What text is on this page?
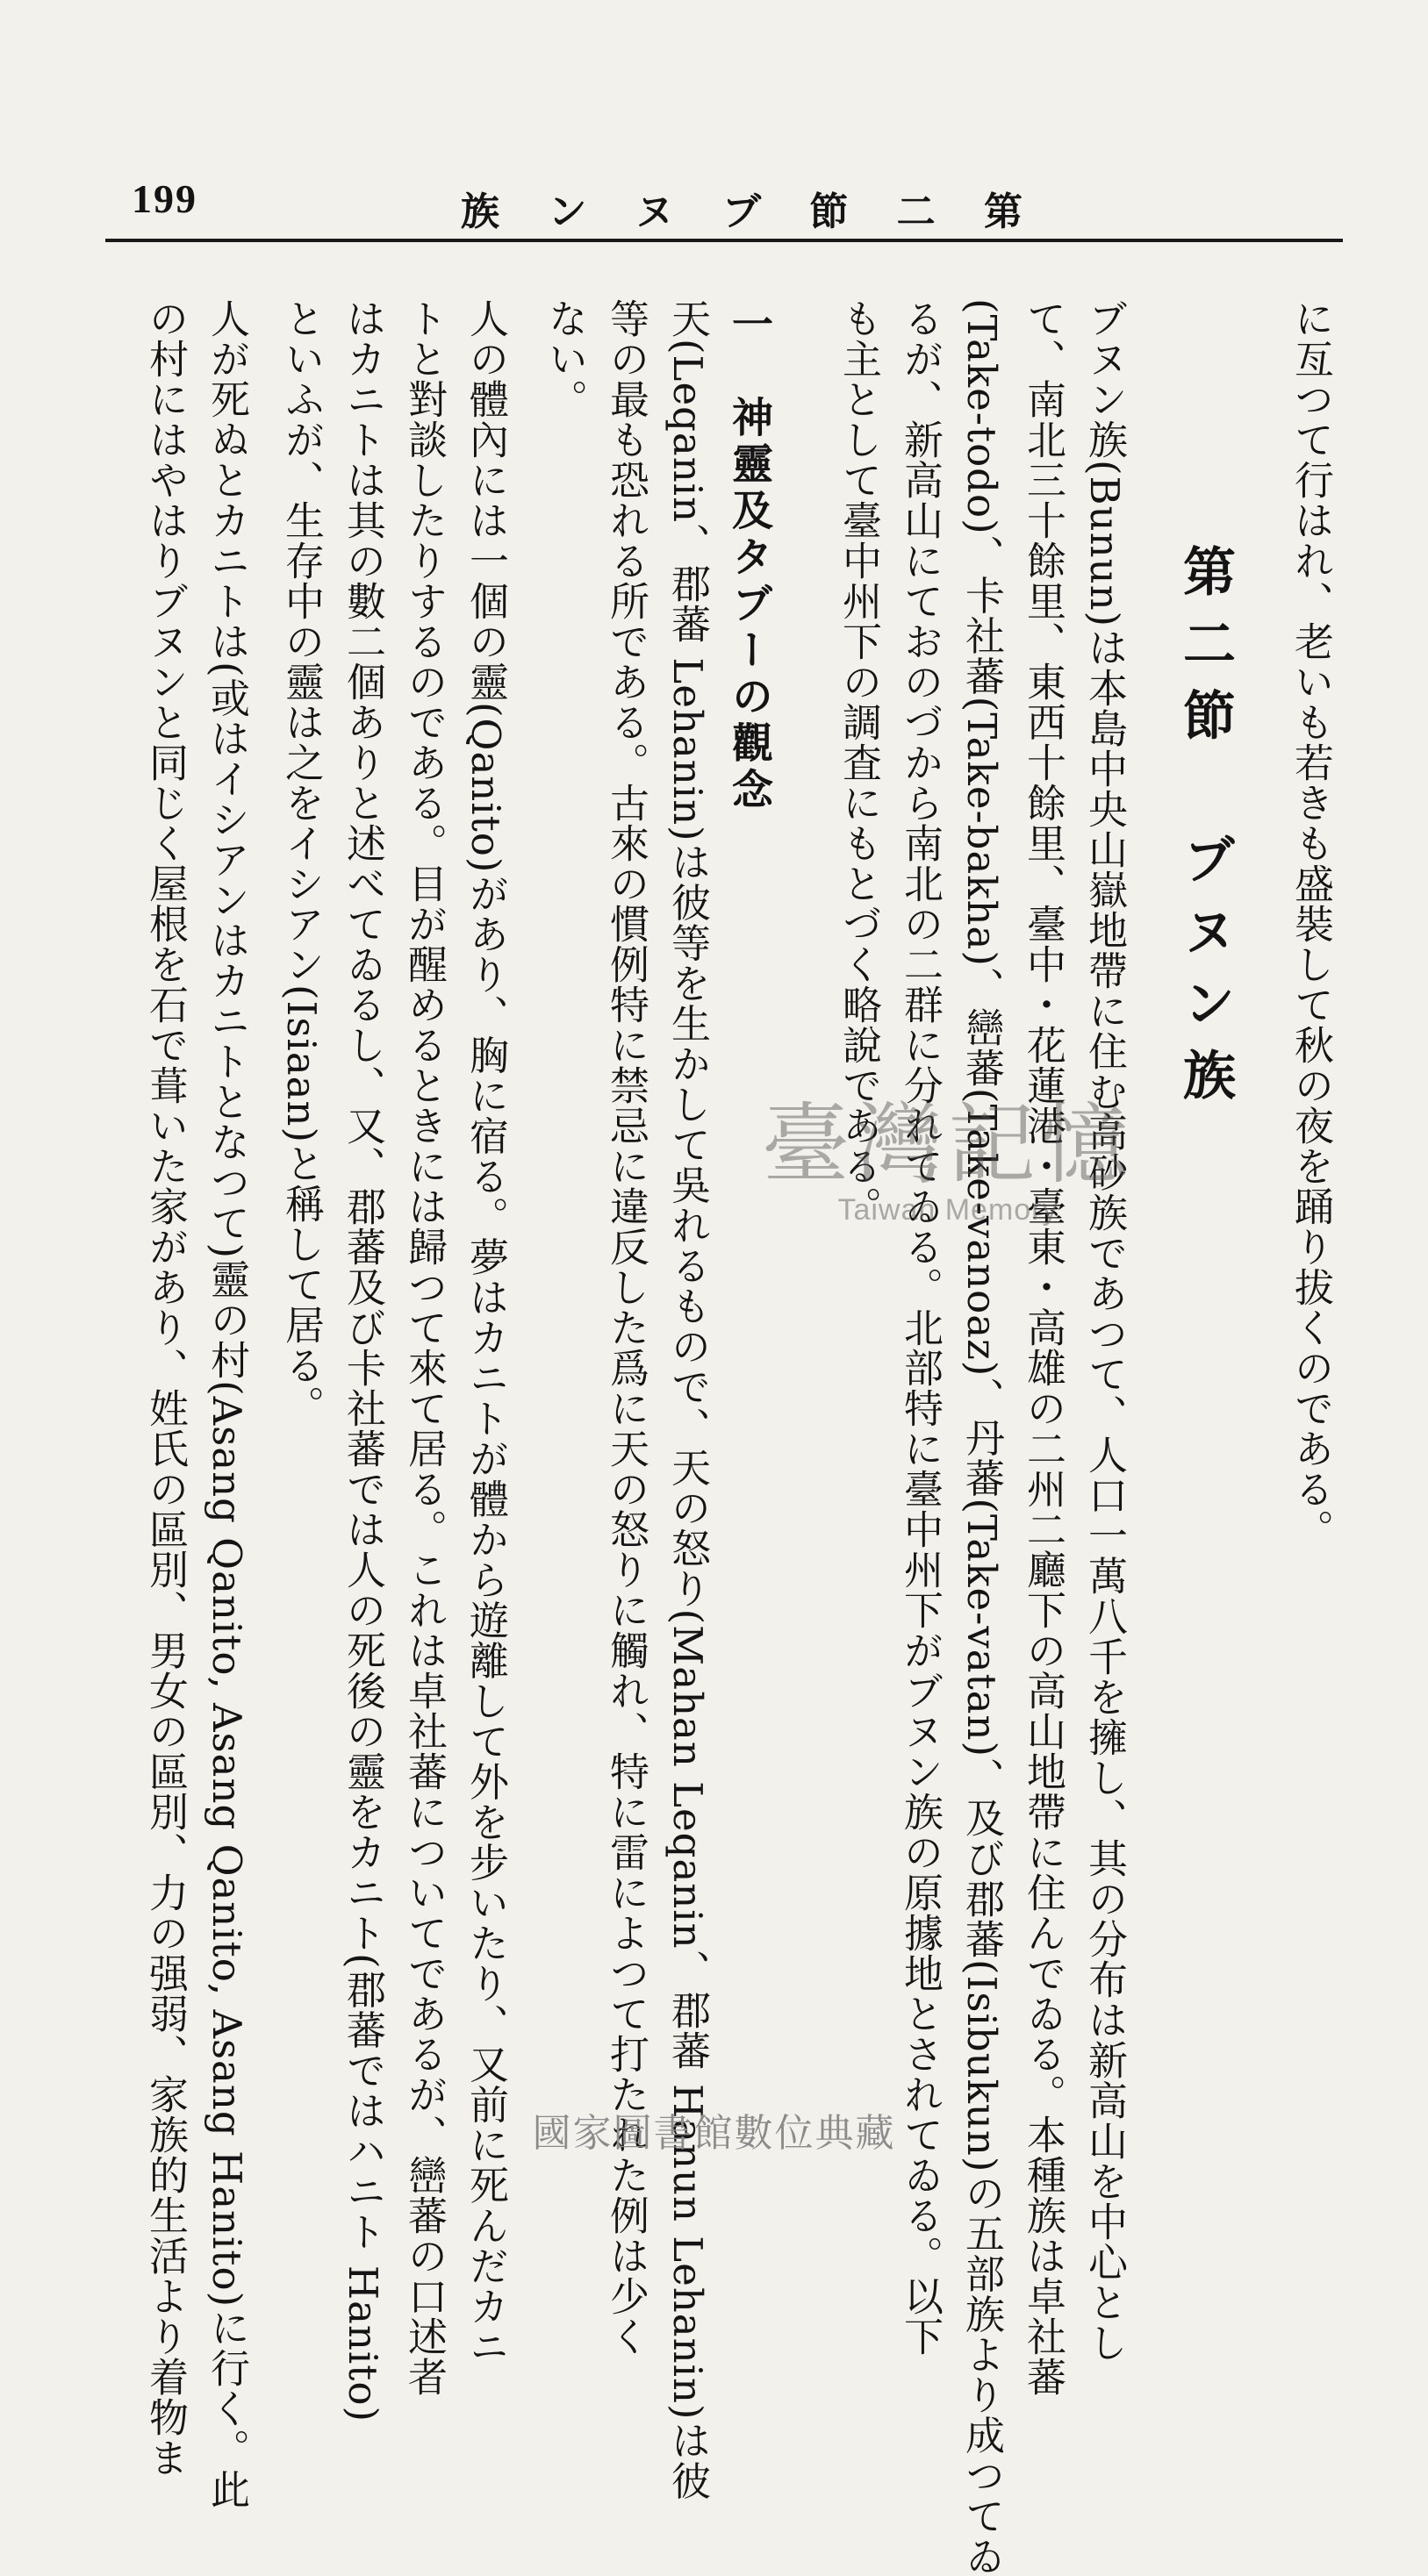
199	第
二
節
ブ
ヌ
ン
族
に亙つて行はれ、老いも若きも盛裝して秋の夜を踊り拔くのである。
第二節　ブヌン族
ブヌン族(Bunun)は本島中央山嶽地帶に住む高砂族であつて、人口一萬八千を擁し、其の分布は新高山を中心とし
て、南北三十餘里、東西十餘里、臺中・花蓮港・臺東・高雄の二州二廳下の高山地帶に住んでゐる。本種族は卓社蕃
(Take-todo)、卡社蕃(Take-bakha)、巒蕃(Take-vanoaz)、丹蕃(Take-vatan)、及び郡蕃(Isibukun)の五部族より成つてゐ
るが、新高山にておのづから南北の二群に分れてゐる。北部特に臺中州下がブヌン族の原據地とされてゐる。以下
も主として臺中州下の調査にもとづく略說である。
一　神靈及タブーの觀念
天(Leqanin、郡蕃 Lehanin)は彼等を生かして吳れるもので、天の怒り(Mahan Leqanin、郡蕃 Hanun Lehanin)は彼
等の最も恐れる所である。古來の慣例特に禁忌に違反した爲に天の怒りに觸れ、特に雷によつて打たれた例は少く
ない。
人の體內には一個の靈(Qanito)があり、胸に宿る。夢はカニトが體から遊離して外を步いたり、又前に死んだカニ
トと對談したりするのである。目が醒めるときには歸つて來て居る。これは卓社蕃についてであるが、巒蕃の口述者
はカニトは其の數二個ありと述べてゐるし、又、郡蕃及び卡社蕃では人の死後の靈をカニト(郡蕃ではハニト Hanito)
といふが、生存中の靈は之をイシアン(Isiaan)と稱して居る。
人が死ぬとカニトは(或はイシアンはカニトとなつて)靈の村(Asang Qanito, Asang Qanito, Asang Hanito)に行く。此
の村にはやはりブヌンと同じく屋根を石で葺いた家があり、姓氏の區別、男女の區別、力の强弱、家族的生活より着物ま	臺灣記憶
Taiwan Memory
國家圖書館數位典藏
